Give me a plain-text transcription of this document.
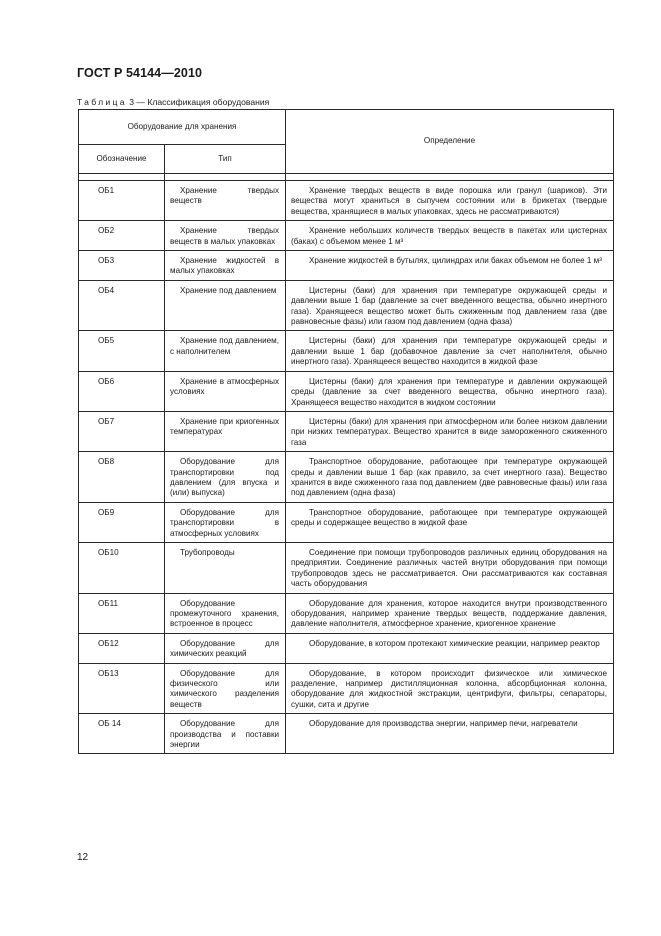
ГОСТ Р 54144—2010
Таблица 3 — Классификация оборудования
Оборудование для хранения		Определение
Обозначение	Тип	

ОБ1	Хранение твердых веществ	Хранение твердых веществ в виде порошка или гранул (шариков). Эти вещества могут храниться в сыпучем состоянии или в брикетах (твердые вещества, хранящиеся в малых упаковках, здесь не рассматриваются)
ОБ2	Хранение твердых веществ в малых упаковках	Хранение небольших количеств твердых веществ в пакетах или цистернах (баках) с объемом менее 1 м³
ОБ3	Хранение жидкостей в малых упаковках	Хранение жидкостей в бутылях, цилиндрах или баках объемом не более 1 м³
ОБ4	Хранение под давлением	Цистерны (баки) для хранения при температуре окружающей среды и давлении выше 1 бар (давление за счет введенного вещества, обычно инертного газа). Хранящееся вещество может быть сжиженным под давлением газа (две равновесные фазы) или газом под давлением (одна фаза)
ОБ5	Хранение под давлением, с наполнителем	Цистерны (баки) для хранения при температуре окружающей среды и давлении выше 1 бар (добавочное давление за счет наполнителя, обычно инертного газа). Хранящееся вещество находится в жидкой фазе
ОБ6	Хранение в атмосферных условиях	Цистерны (баки) для хранения при температуре и давлении окружающей среды (давление за счет введенного вещества, обычно инертного газа). Хранящееся вещество находится в жидком состоянии
ОБ7	Хранение при криогенных температурах	Цистерны (баки) для хранения при атмосферном или более низком давлении при низких температурах. Вещество хранится в виде замороженного сжиженного газа
ОБ8	Оборудование для транспортировки под давлением (для впуска и (или) выпуска)	Транспортное оборудование, работающее при температуре окружающей среды и давлении выше 1 бар (как правило, за счет инертного газа). Вещество хранится в виде сжиженного газа под давлением (две равновесные фазы) или газа под давлением (одна фаза)
ОБ9	Оборудование для транспортировки в атмосферных условиях	Транспортное оборудование, работающее при температуре окружающей среды и содержащее вещество в жидкой фазе
ОБ10	Трубопроводы	Соединение при помощи трубопроводов различных единиц оборудования на предприятии. Соединение различных частей внутри оборудования при помощи трубопроводов здесь не рассматривается. Они рассматриваются как составная часть оборудования
ОБ11	Оборудование промежуточного хранения, встроенное в процесс	Оборудование для хранения, которое находится внутри производственного оборудования, например хранение твердых веществ, поддержание давления, давление наполнителя, атмосферное хранение, криогенное хранение
ОБ12	Оборудование для химических реакций	Оборудование, в котором протекают химические реакции, например реактор
ОБ13	Оборудование для физического или химического разделения веществ	Оборудование, в котором происходит физическое или химическое разделение, например дистилляционная колонна, абсорбционная колонна, оборудование для жидкостной экстракции, центрифуги, фильтры, сепараторы, сушки, сита и другие
ОБ 14	Оборудование для производства и поставки энергии	Оборудование для производства энергии, например печи, нагреватели
12
